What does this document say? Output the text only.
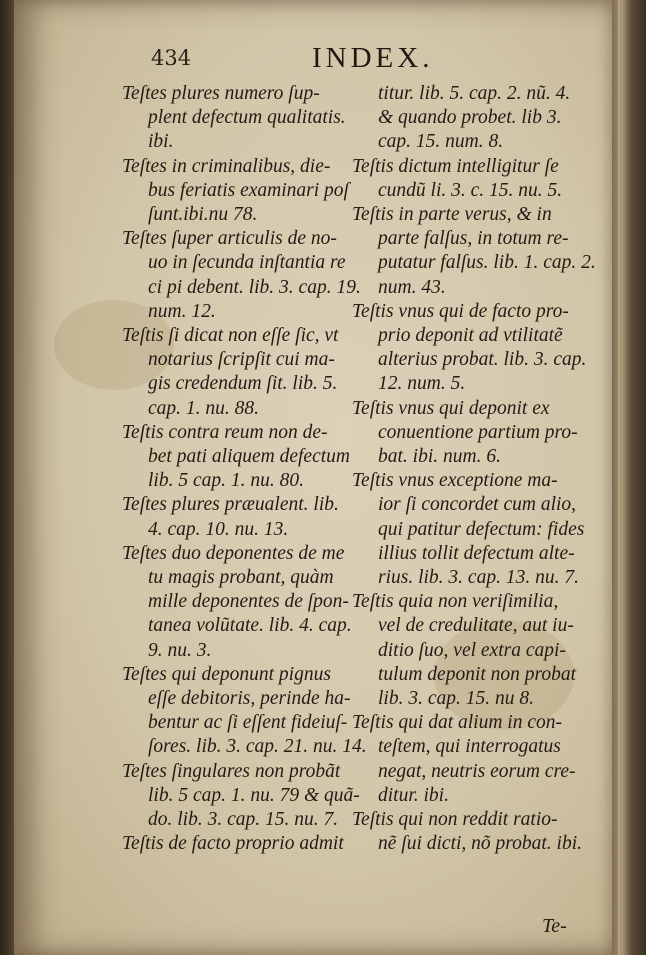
434	INDEX.
Teſtes plures numero ſup-
plent defectum qualitatis.
ibi.
Teſtes in criminalibus, die-
bus feriatis examinari poſ
ſunt.ibi.nu 78.
Teſtes ſuper articulis de no-
uo in ſecunda inſtantia re
ci pi debent. lib. 3. cap. 19.
num. 12.
Teſtis ſi dicat non eſſe ſic, vt
notarius ſcripſit cui ma-
gis credendum ſit. lib. 5.
cap. 1. nu. 88.
Teſtis contra reum non de-
bet pati aliquem defectum
lib. 5 cap. 1. nu. 80.
Teſtes plures præualent. lib.
4. cap. 10. nu. 13.
Teſtes duo deponentes de me
tu magis probant, quàm
mille deponentes de ſpon-
tanea volũtate. lib. 4. cap.
9. nu. 3.
Teſtes qui deponunt pignus
eſſe debitoris, perinde ha-
bentur ac ſi eſſent fideiuſ-
ſores. lib. 3. cap. 21. nu. 14.
Teſtes ſingulares non probãt
lib. 5 cap. 1. nu. 79 & quã-
do. lib. 3. cap. 15. nu. 7.
Teſtis de facto proprio admit
titur. lib. 5. cap. 2. nũ. 4.
& quando probet. lib 3.
cap. 15. num. 8.
Teſtis dictum intelligitur ſe
cundũ li. 3. c. 15. nu. 5.
Teſtis in parte verus, & in
parte falſus, in totum re-
putatur falſus. lib. 1. cap. 2.
num. 43.
Teſtis vnus qui de facto pro-
prio deponit ad vtilitatẽ
alterius probat. lib. 3. cap.
12. num. 5.
Teſtis vnus qui deponit ex
conuentione partium pro-
bat. ibi. num. 6.
Teſtis vnus exceptione ma-
ior ſi concordet cum alio,
qui patitur defectum: fides
illius tollit defectum alte-
rius. lib. 3. cap. 13. nu. 7.
Teſtis quia non veriſimilia,
vel de credulitate, aut iu-
ditio ſuo, vel extra capi-
tulum deponit non probat
lib. 3. cap. 15. nu 8.
Teſtis qui dat alium in con-
teſtem, qui interrogatus
negat, neutris eorum cre-
ditur. ibi.
Teſtis qui non reddit ratio-
nẽ ſui dicti, nõ probat. ibi.
Te-
